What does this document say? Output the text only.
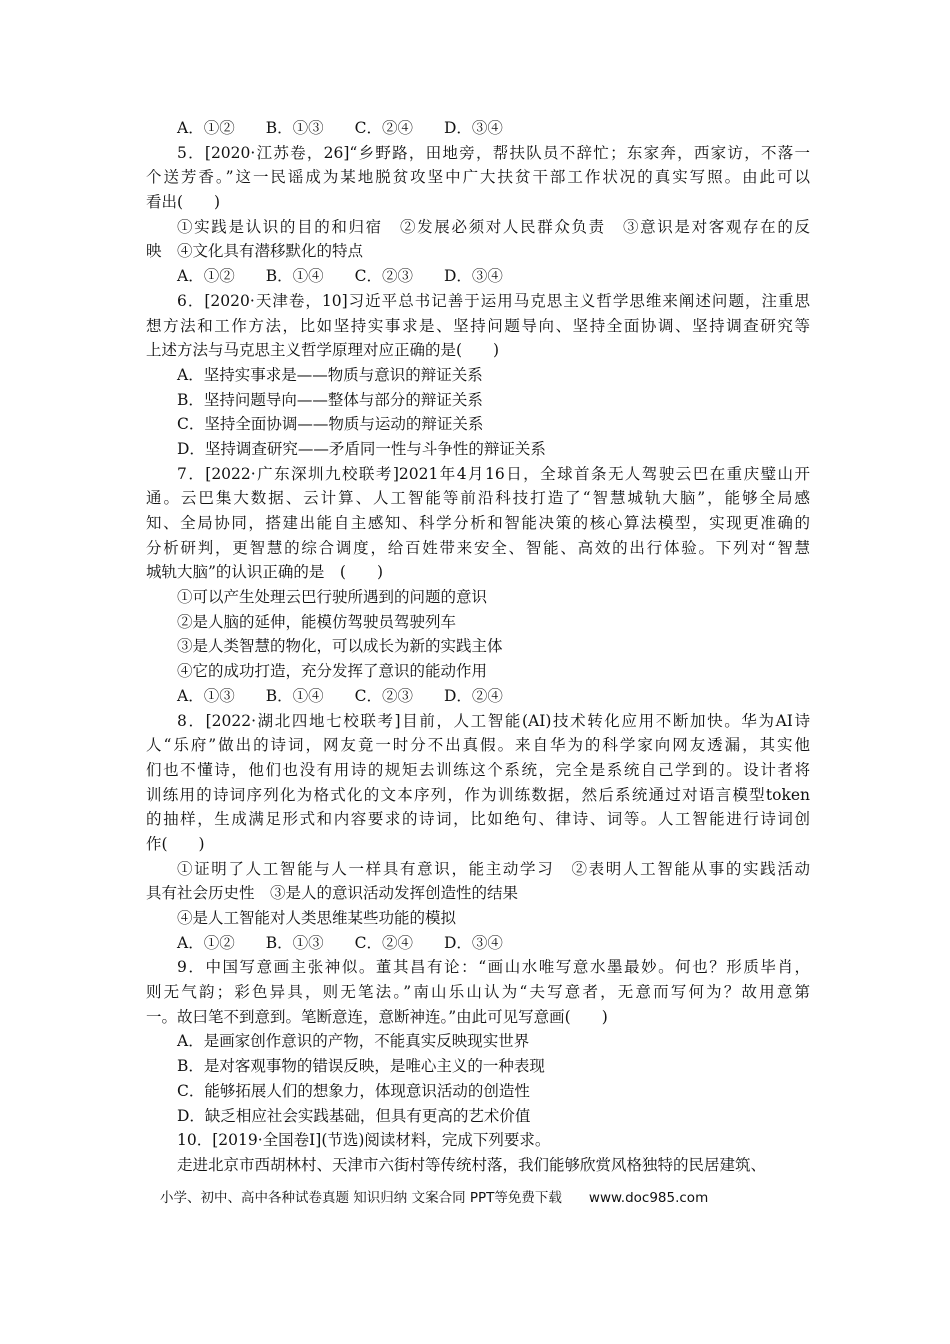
A．①②　　B．①③　　C．②④　　D．③④
5．[2020·江苏卷，26]“乡野路，田地旁，帮扶队员不辞忙；东家奔，西家访，不落一
个送芳香。”这一民谣成为某地脱贫攻坚中广大扶贫干部工作状况的真实写照。由此可以
看出(　　)
①实践是认识的目的和归宿　②发展必须对人民群众负责　③意识是对客观存在的反
映　④文化具有潜移默化的特点
A．①②　　B．①④　　C．②③　　D．③④
6．[2020·天津卷，10]习近平总书记善于运用马克思主义哲学思维来阐述问题，注重思
想方法和工作方法，比如坚持实事求是、坚持问题导向、坚持全面协调、坚持调查研究等
上述方法与马克思主义哲学原理对应正确的是(　　)
A．坚持实事求是——物质与意识的辩证关系
B．坚持问题导向——整体与部分的辩证关系
C．坚持全面协调——物质与运动的辩证关系
D．坚持调查研究——矛盾同一性与斗争性的辩证关系
7．[2022·广东深圳九校联考]2021年4月16日，全球首条无人驾驶云巴在重庆璧山开
通。云巴集大数据、云计算、人工智能等前沿科技打造了“智慧城轨大脑”，能够全局感
知、全局协同，搭建出能自主感知、科学分析和智能决策的核心算法模型，实现更准确的
分析研判，更智慧的综合调度，给百姓带来安全、智能、高效的出行体验。下列对“智慧
城轨大脑”的认识正确的是　(　　)
①可以产生处理云巴行驶所遇到的问题的意识
②是人脑的延伸，能模仿驾驶员驾驶列车
③是人类智慧的物化，可以成长为新的实践主体
④它的成功打造，充分发挥了意识的能动作用
A．①③　　B．①④　　C．②③　　D．②④
8．[2022·湖北四地七校联考]目前，人工智能(AI)技术转化应用不断加快。华为AI诗
人“乐府”做出的诗词，网友竟一时分不出真假。来自华为的科学家向网友透漏，其实他
们也不懂诗，他们也没有用诗的规矩去训练这个系统，完全是系统自己学到的。设计者将
训练用的诗词序列化为格式化的文本序列，作为训练数据，然后系统通过对语言模型token
的抽样，生成满足形式和内容要求的诗词，比如绝句、律诗、词等。人工智能进行诗词创
作(　　)
①证明了人工智能与人一样具有意识，能主动学习　②表明人工智能从事的实践活动
具有社会历史性　③是人的意识活动发挥创造性的结果
④是人工智能对人类思维某些功能的模拟
A．①②　　B．①③　　C．②④　　D．③④
9．中国写意画主张神似。董其昌有论：“画山水唯写意水墨最妙。何也？形质毕肖，
则无气韵；彩色异具，则无笔法。”南山乐山认为“夫写意者，无意而写何为？故用意第
一。故曰笔不到意到。笔断意连，意断神连。”由此可见写意画(　　)
A．是画家创作意识的产物，不能真实反映现实世界
B．是对客观事物的错误反映，是唯心主义的一种表现
C．能够拓展人们的想象力，体现意识活动的创造性
D．缺乏相应社会实践基础，但具有更高的艺术价值
10．[2019·全国卷Ⅰ](节选)阅读材料，完成下列要求。
走进北京市西胡林村、天津市六街村等传统村落，我们能够欣赏风格独特的民居建筑、
小学、初中、高中各种试卷真题 知识归纳 文案合同 PPT等免费下载　　www.doc985.com
